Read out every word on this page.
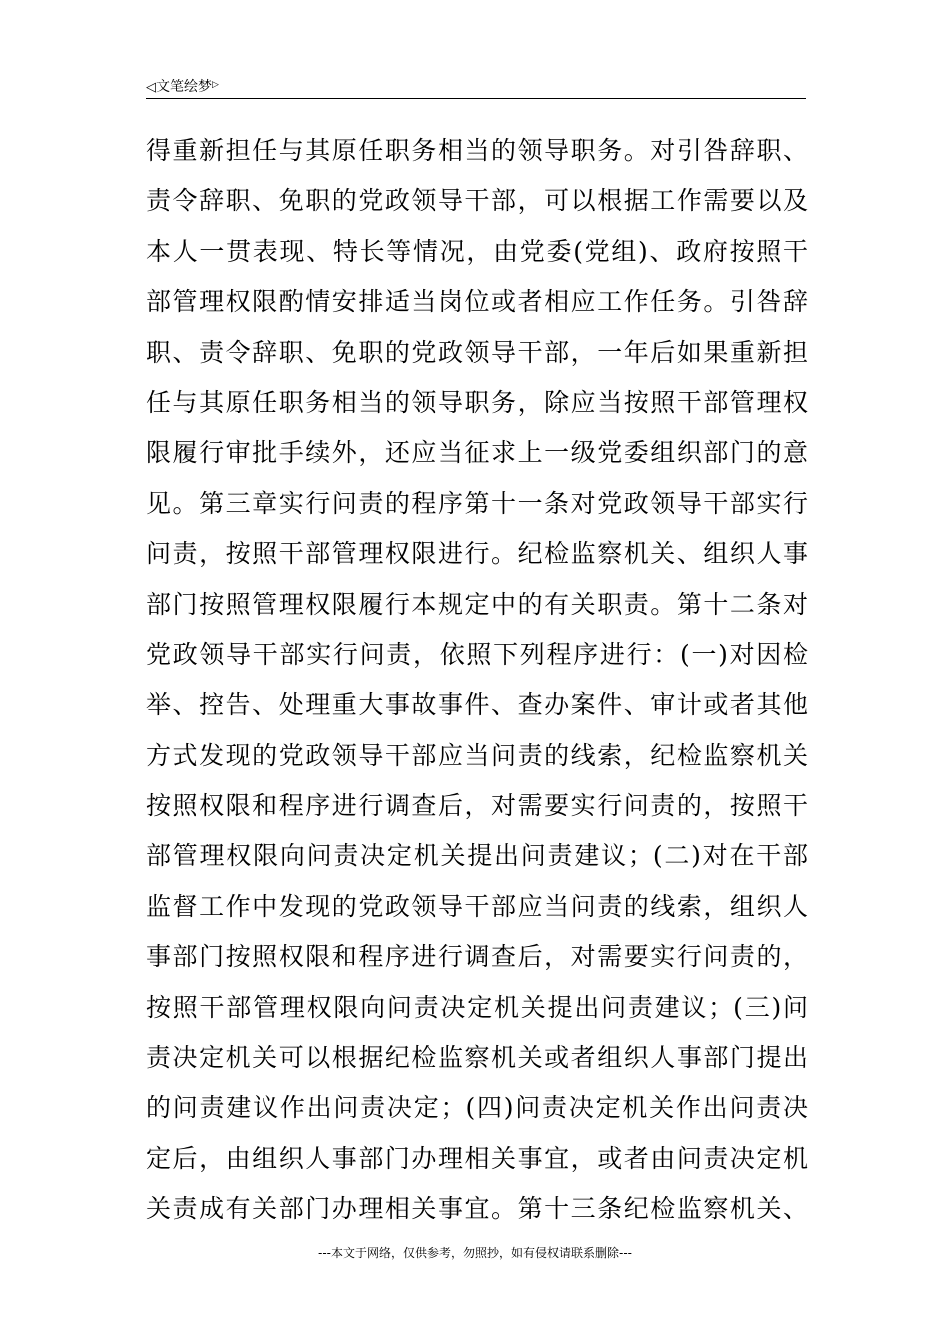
◁文笔绘梦▷
得重新担任与其原任职务相当的领导职务。对引咎辞职、
责令辞职、免职的党政领导干部，可以根据工作需要以及
本人一贯表现、特长等情况，由党委(党组)、政府按照干
部管理权限酌情安排适当岗位或者相应工作任务。引咎辞
职、责令辞职、免职的党政领导干部，一年后如果重新担
任与其原任职务相当的领导职务，除应当按照干部管理权
限履行审批手续外，还应当征求上一级党委组织部门的意
见。第三章实行问责的程序第十一条对党政领导干部实行
问责，按照干部管理权限进行。纪检监察机关、组织人事
部门按照管理权限履行本规定中的有关职责。第十二条对
党政领导干部实行问责，依照下列程序进行：(一)对因检
举、控告、处理重大事故事件、查办案件、审计或者其他
方式发现的党政领导干部应当问责的线索，纪检监察机关
按照权限和程序进行调查后，对需要实行问责的，按照干
部管理权限向问责决定机关提出问责建议；(二)对在干部
监督工作中发现的党政领导干部应当问责的线索，组织人
事部门按照权限和程序进行调查后，对需要实行问责的，
按照干部管理权限向问责决定机关提出问责建议；(三)问
责决定机关可以根据纪检监察机关或者组织人事部门提出
的问责建议作出问责决定；(四)问责决定机关作出问责决
定后，由组织人事部门办理相关事宜，或者由问责决定机
关责成有关部门办理相关事宜。第十三条纪检监察机关、
---本文于网络，仅供参考，勿照抄，如有侵权请联系删除---
